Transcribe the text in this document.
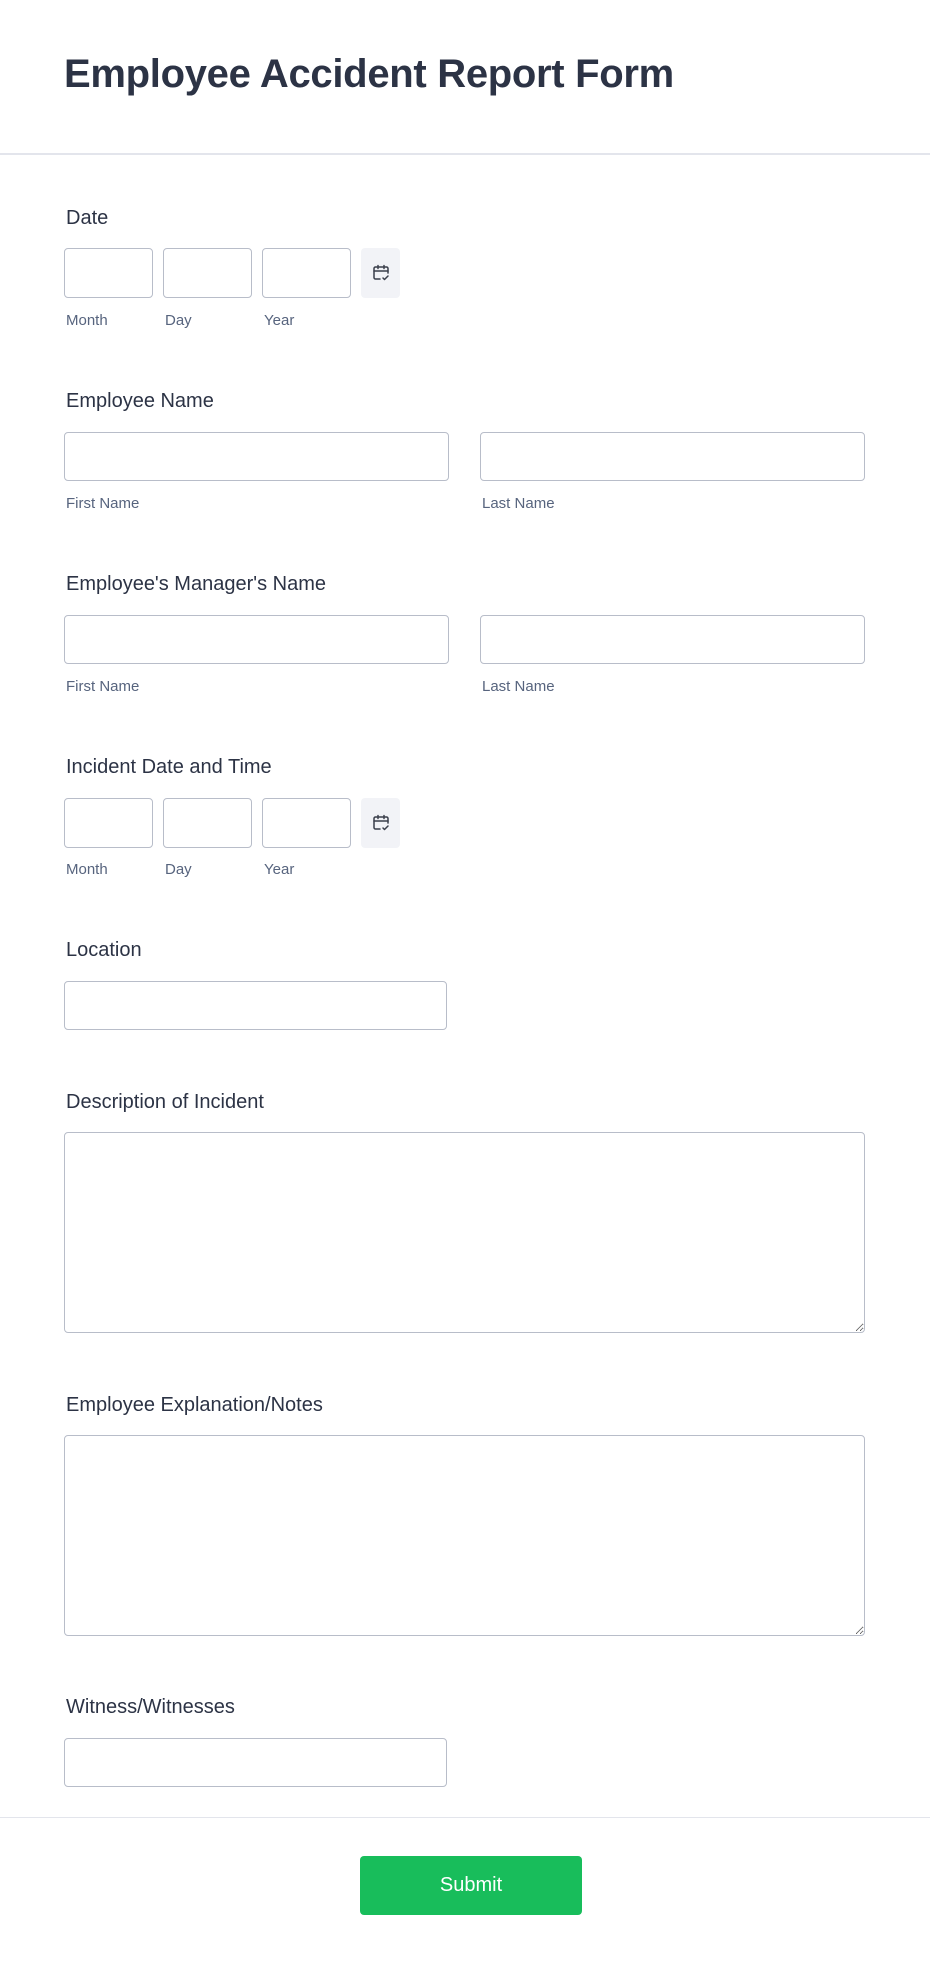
Employee Accident Report Form
Date
Month	Day	Year
Employee Name
First Name	Last Name
Employee's Manager's Name
First Name	Last Name
Incident Date and Time
Month	Day	Year
Location
Description of Incident
Employee Explanation/Notes
Witness/Witnesses
Submit
